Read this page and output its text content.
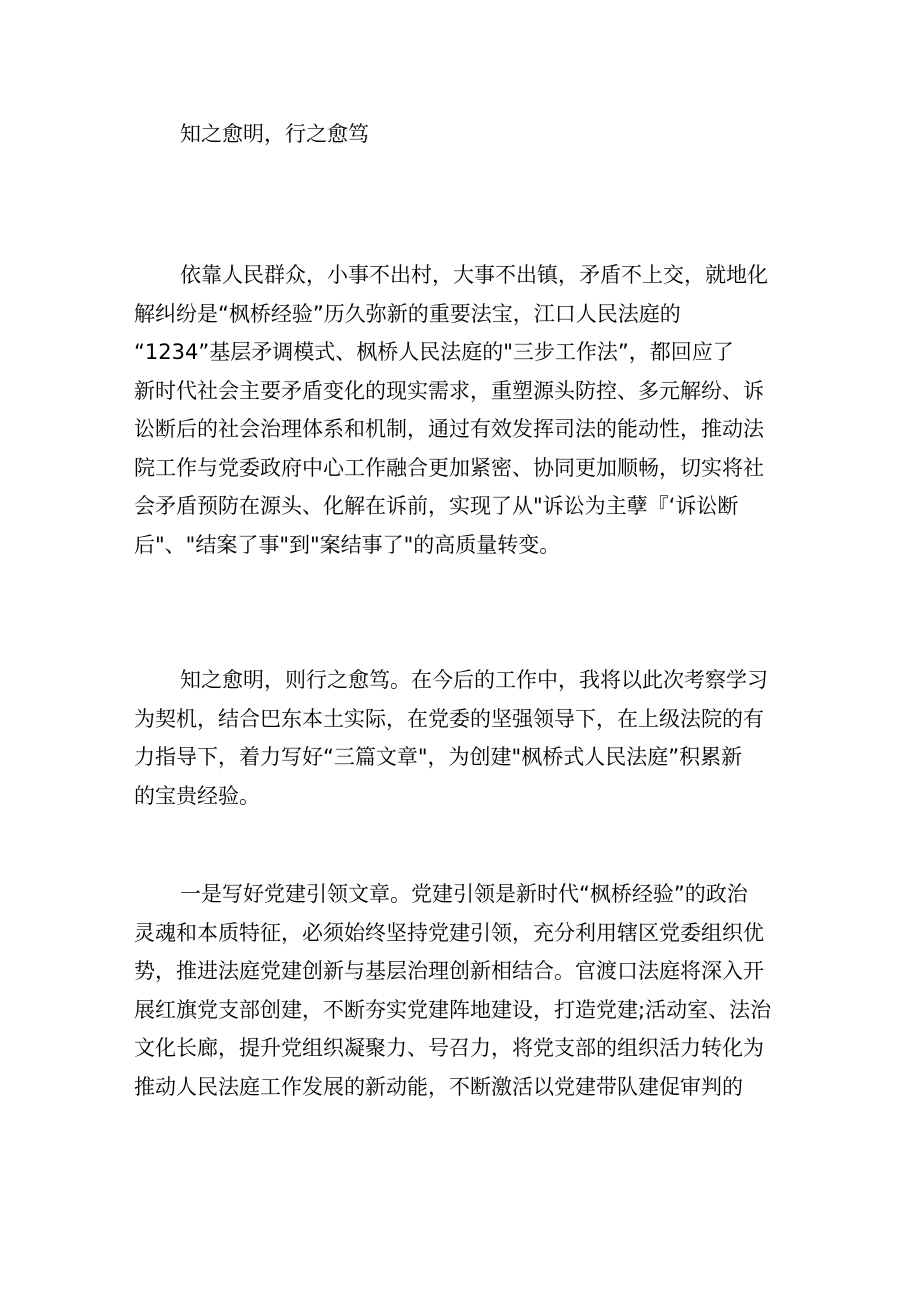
知之愈明，行之愈笃
依靠人民群众，小事不出村，大事不出镇，矛盾不上交，就地化
解纠纷是“枫桥经验”历久弥新的重要法宝，江口人民法庭的
“1234”基层矛调模式、枫桥人民法庭的"三步工作法”，都回应了
新时代社会主要矛盾变化的现实需求，重塑源头防控、多元解纷、诉
讼断后的社会治理体系和机制，通过有效发挥司法的能动性，推动法
院工作与党委政府中心工作融合更加紧密、协同更加顺畅，切实将社
会矛盾预防在源头、化解在诉前，实现了从"诉讼为主孽『‘诉讼断
后"、"结案了事"到"案结事了"的高质量转变。
知之愈明，则行之愈笃。在今后的工作中，我将以此次考察学习
为契机，结合巴东本土实际，在党委的坚强领导下，在上级法院的有
力指导下，着力写好“三篇文章"，为创建"枫桥式人民法庭”积累新
的宝贵经验。
一是写好党建引领文章。党建引领是新时代“枫桥经验”的政治
灵魂和本质特征，必须始终坚持党建引领，充分利用辖区党委组织优
势，推进法庭党建创新与基层治理创新相结合。官渡口法庭将深入开
展红旗党支部创建，不断夯实党建阵地建设，打造党建;活动室、法治
文化长廊，提升党组织凝聚力、号召力，将党支部的组织活力转化为
推动人民法庭工作发展的新动能，不断激活以党建带队建促审判的
